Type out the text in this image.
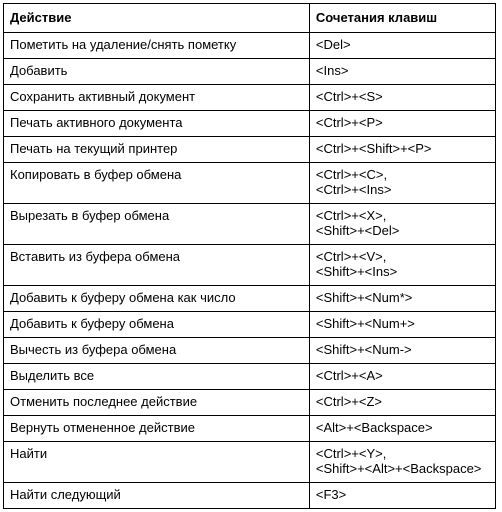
Действие	Сочетания клавиш
Пометить на удаление/снять пометку	<Del>
Добавить	<Ins>
Сохранить активный документ	<Ctrl>+<S>
Печать активного документа	<Ctrl>+<P>
Печать на текущий принтер	<Ctrl>+<Shift>+<P>
Копировать в буфер обмена	<Ctrl>+<C>,
<Ctrl>+<Ins>
Вырезать в буфер обмена	<Ctrl>+<X>,
<Shift>+<Del>
Вставить из буфера обмена	<Ctrl>+<V>,
<Shift>+<Ins>
Добавить к буферу обмена как число	<Shift>+<Num*>
Добавить к буферу обмена	<Shift>+<Num+>
Вычесть из буфера обмена	<Shift>+<Num->
Выделить все	<Ctrl>+<A>
Отменить последнее действие	<Ctrl>+<Z>
Вернуть отмененное действие	<Alt>+<Backspace>
Найти	<Ctrl>+<Y>,
<Shift>+<Alt>+<Backspace>
Найти следующий	<F3>
